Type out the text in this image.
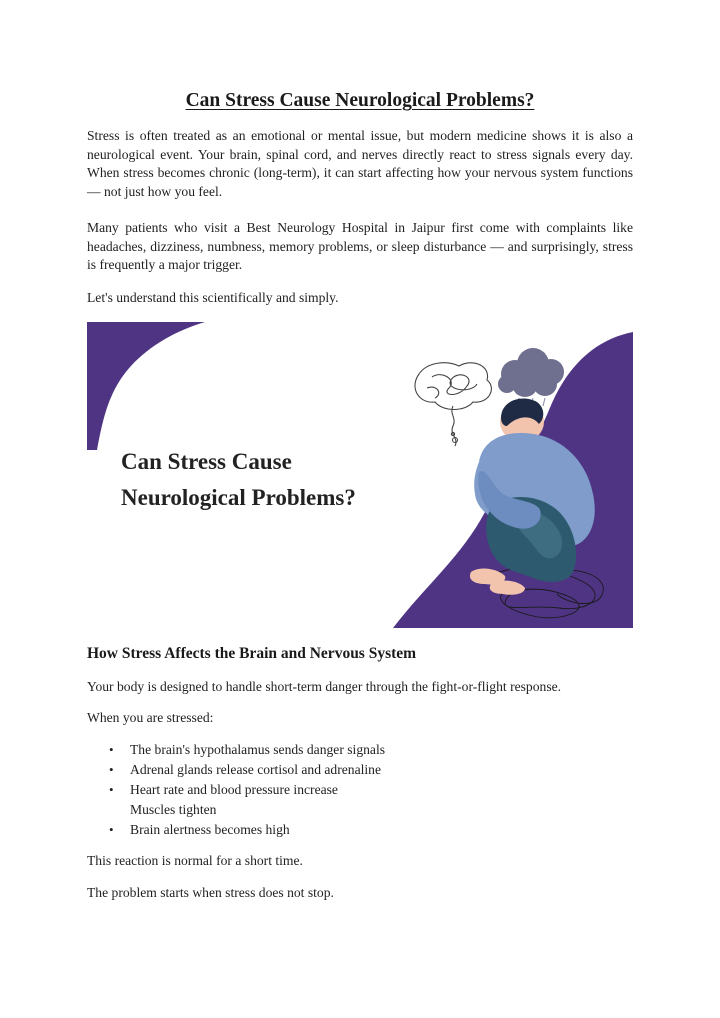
Can Stress Cause Neurological Problems?

Stress is often treated as an emotional or mental issue, but modern medicine shows it is also a neurological event. Your brain, spinal cord, and nerves directly react to stress signals every day. When stress becomes chronic (long-term), it can start affecting how your nervous system functions — not just how you feel.

Many patients who visit a Best Neurology Hospital in Jaipur first come with complaints like headaches, dizziness, numbness, memory problems, or sleep disturbance — and surprisingly, stress is frequently a major trigger.

Let's understand this scientifically and simply.

Can Stress Cause
Neurological Problems?
How Stress Affects the Brain and Nervous System

Your body is designed to handle short-term danger through the fight-or-flight response.

When you are stressed:

• The brain's hypothalamus sends danger signals
• Adrenal glands release cortisol and adrenaline
• Heart rate and blood pressure increase
Muscles tighten
• Brain alertness becomes high

This reaction is normal for a short time.

The problem starts when stress does not stop.
